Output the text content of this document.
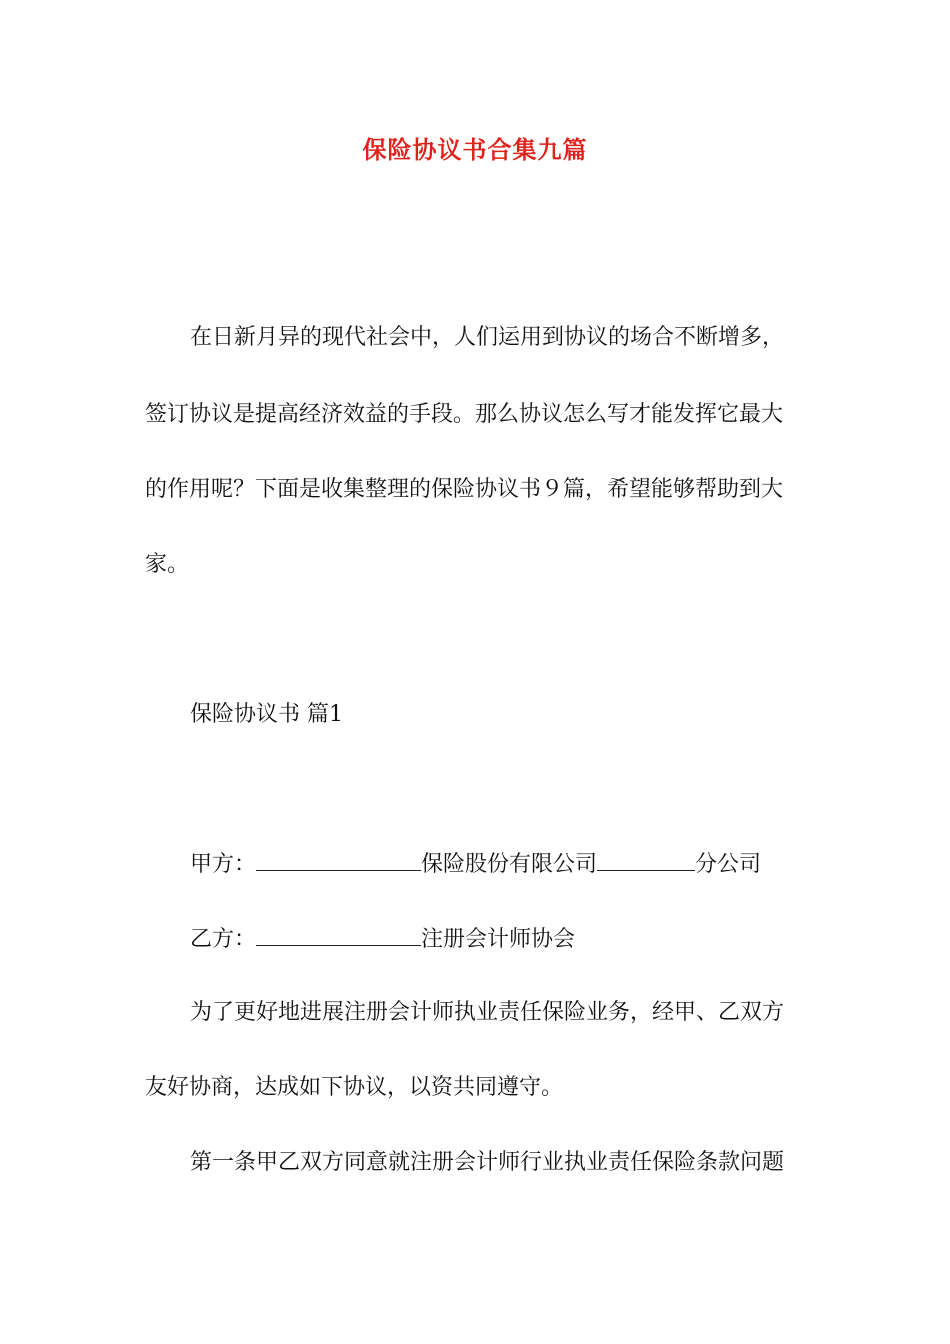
保险协议书合集九篇
在日新月异的现代社会中，人们运用到协议的场合不断增多，
签订协议是提高经济效益的手段。那么协议怎么写才能发挥它最大
的作用呢？下面是收集整理的保险协议书９篇，希望能够帮助到大
家。
保险协议书 篇1
甲方：	保险股份有限公司	分公司
乙方：	注册会计师协会
为了更好地进展注册会计师执业责任保险业务，经甲、乙双方
友好协商，达成如下协议，以资共同遵守。
第一条甲乙双方同意就注册会计师行业执业责任保险条款问题
